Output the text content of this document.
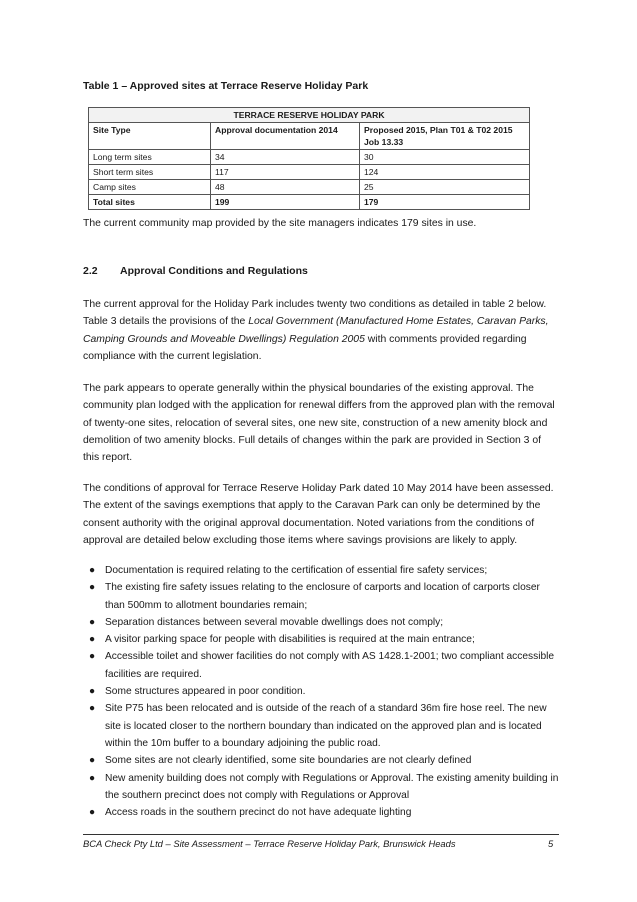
Table 1 – Approved sites at Terrace Reserve Holiday Park
TERRACE RESERVE HOLIDAY PARK		
Site Type	Approval documentation 2014	Proposed 2015, Plan T01 & T02 2015 Job 13.33
Long term sites	34	30
Short term sites	117	124
Camp sites	48	25
Total sites	199	179

The current community map provided by the site managers indicates 179 sites in use.

2.2 Approval Conditions and Regulations

The current approval for the Holiday Park includes twenty two conditions as detailed in table 2 below. Table 3 details the provisions of the Local Government (Manufactured Home Estates, Caravan Parks, Camping Grounds and Moveable Dwellings) Regulation 2005 with comments provided regarding compliance with the current legislation.

The park appears to operate generally within the physical boundaries of the existing approval. The community plan lodged with the application for renewal differs from the approved plan with the removal of twenty-one sites, relocation of several sites, one new site, construction of a new amenity block and demolition of two amenity blocks. Full details of changes within the park are provided in Section 3 of this report.

The conditions of approval for Terrace Reserve Holiday Park dated 10 May 2014 have been assessed. The extent of the savings exemptions that apply to the Caravan Park can only be determined by the consent authority with the original approval documentation. Noted variations from the conditions of approval are detailed below excluding those items where savings provisions are likely to apply.

● Documentation is required relating to the certification of essential fire safety services;
● The existing fire safety issues relating to the enclosure of carports and location of carports closer than 500mm to allotment boundaries remain;
● Separation distances between several movable dwellings does not comply;
● A visitor parking space for people with disabilities is required at the main entrance;
● Accessible toilet and shower facilities do not comply with AS 1428.1-2001; two compliant accessible facilities are required.
● Some structures appeared in poor condition.
● Site P75 has been relocated and is outside of the reach of a standard 36m fire hose reel. The new site is located closer to the northern boundary than indicated on the approved plan and is located within the 10m buffer to a boundary adjoining the public road.
● Some sites are not clearly identified, some site boundaries are not clearly defined
● New amenity building does not comply with Regulations or Approval. The existing amenity building in the southern precinct does not comply with Regulations or Approval
● Access roads in the southern precinct do not have adequate lighting
BCA Check Pty Ltd – Site Assessment – Terrace Reserve Holiday Park, Brunswick Heads	5
